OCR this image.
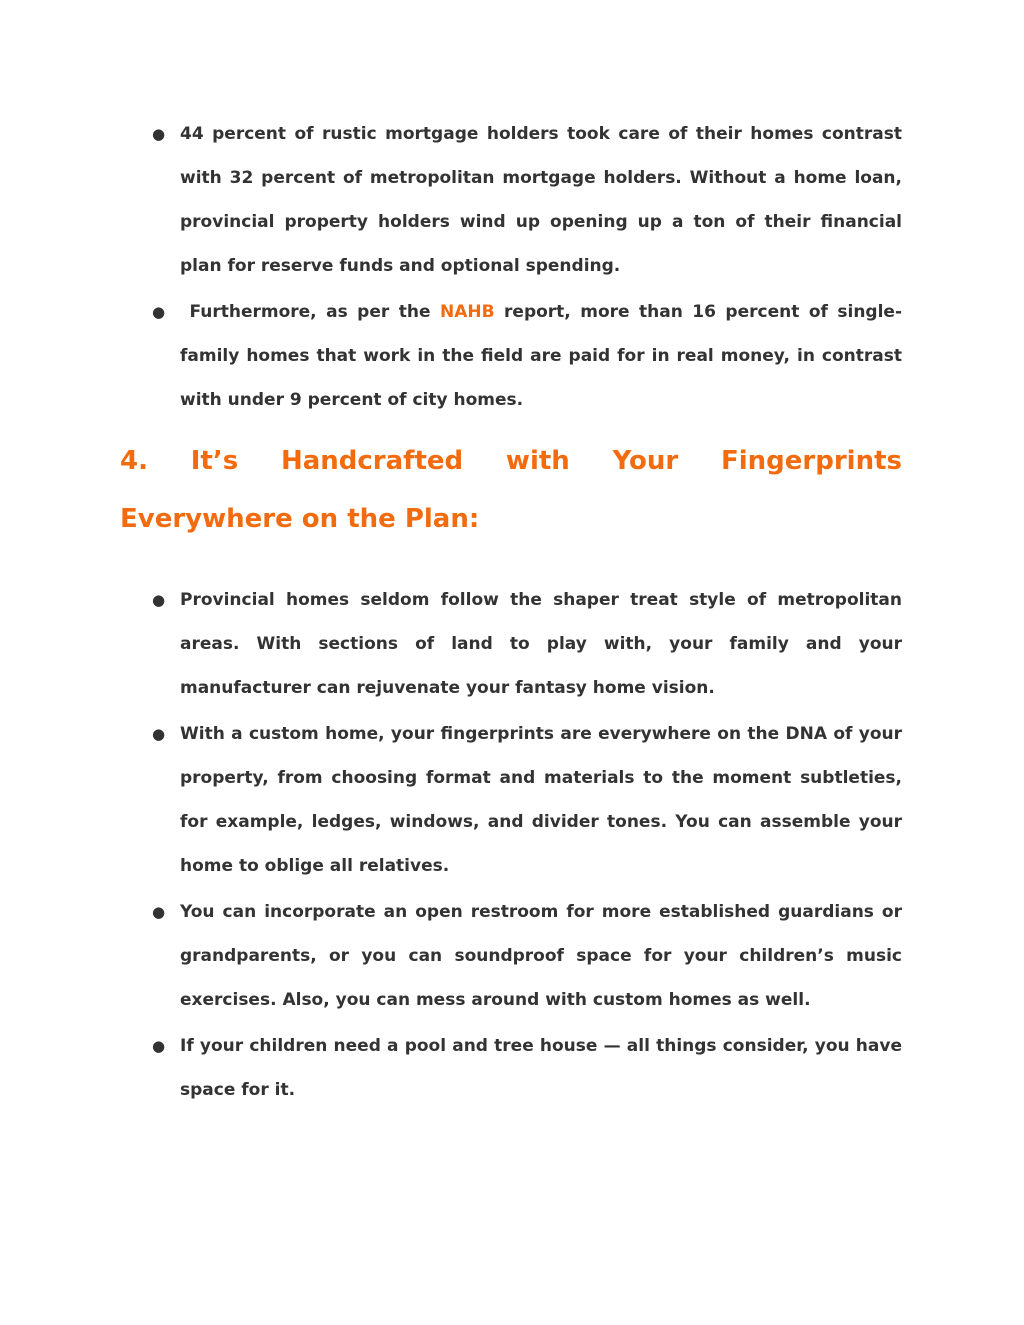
● 44 percent of rustic mortgage holders took care of their homes contrast with 32 percent of metropolitan mortgage holders. Without a home loan, provincial property holders wind up opening up a ton of their financial plan for reserve funds and optional spending.
● Furthermore, as per the NAHB report, more than 16 percent of single-family homes that work in the field are paid for in real money, in contrast with under 9 percent of city homes.
4. It’s Handcrafted with Your Fingerprints Everywhere on the Plan:
● Provincial homes seldom follow the shaper treat style of metropolitan areas. With sections of land to play with, your family and your manufacturer can rejuvenate your fantasy home vision.
● With a custom home, your fingerprints are everywhere on the DNA of your property, from choosing format and materials to the moment subtleties, for example, ledges, windows, and divider tones. You can assemble your home to oblige all relatives.
● You can incorporate an open restroom for more established guardians or grandparents, or you can soundproof space for your children’s music exercises. Also, you can mess around with custom homes as well.
● If your children need a pool and tree house — all things consider, you have space for it.
